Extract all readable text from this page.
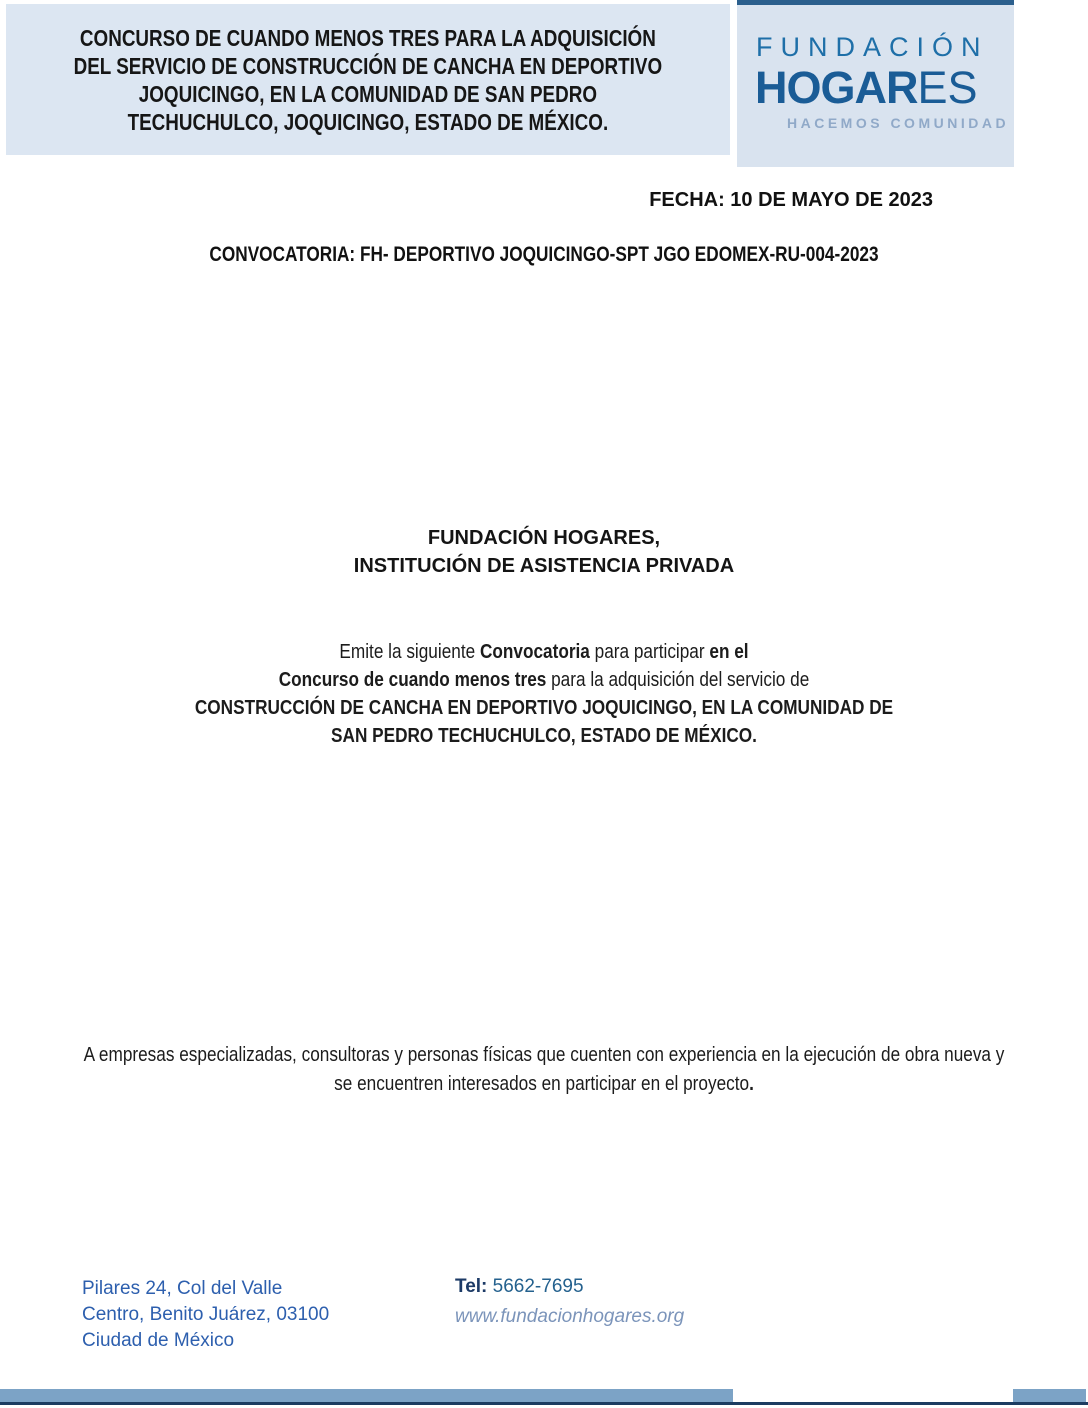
CONCURSO DE CUANDO MENOS TRES PARA LA ADQUISICIÓN
DEL SERVICIO DE CONSTRUCCIÓN DE CANCHA EN DEPORTIVO
JOQUICINGO, EN LA COMUNIDAD DE SAN PEDRO
TECHUCHULCO, JOQUICINGO, ESTADO DE MÉXICO.
FUNDACIÓN
HOGARES
HACEMOS COMUNIDAD
FECHA: 10 DE MAYO DE 2023
CONVOCATORIA: FH- DEPORTIVO JOQUICINGO-SPT JGO EDOMEX-RU-004-2023
FUNDACIÓN HOGARES,
INSTITUCIÓN DE ASISTENCIA PRIVADA
Emite la siguiente Convocatoria para participar en el
Concurso de cuando menos tres para la adquisición del servicio de
CONSTRUCCIÓN DE CANCHA EN DEPORTIVO JOQUICINGO, EN LA COMUNIDAD DE
SAN PEDRO TECHUCHULCO, ESTADO DE MÉXICO.
A empresas especializadas, consultoras y personas físicas que cuenten con experiencia en la ejecución de obra nueva y se encuentren interesados en participar en el proyecto.
Pilares 24, Col del Valle
Centro, Benito Juárez, 03100
Ciudad de México
Tel: 5662-7695
www.fundacionhogares.org
